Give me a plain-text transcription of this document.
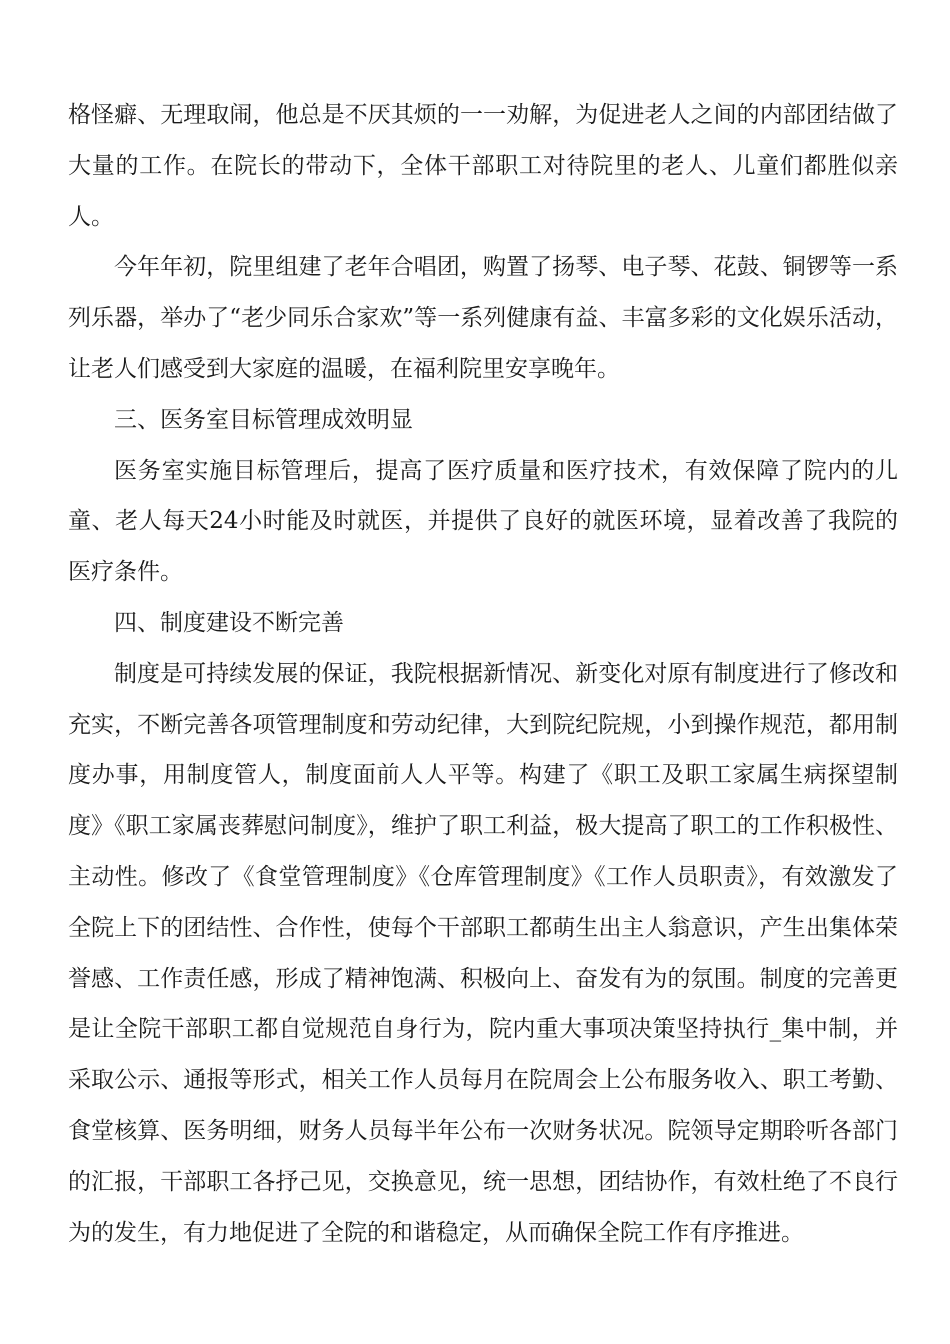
格怪癖、无理取闹，他总是不厌其烦的一一劝解，为促进老人之间的内部团结做了大量的工作。在院长的带动下，全体干部职工对待院里的老人、儿童们都胜似亲人。

今年年初，院里组建了老年合唱团，购置了扬琴、电子琴、花鼓、铜锣等一系列乐器，举办了“老少同乐合家欢”等一系列健康有益、丰富多彩的文化娱乐活动，让老人们感受到大家庭的温暖，在福利院里安享晚年。

三、医务室目标管理成效明显

医务室实施目标管理后，提高了医疗质量和医疗技术，有效保障了院内的儿童、老人每天24小时能及时就医，并提供了良好的就医环境，显着改善了我院的医疗条件。

四、制度建设不断完善

制度是可持续发展的保证，我院根据新情况、新变化对原有制度进行了修改和充实，不断完善各项管理制度和劳动纪律，大到院纪院规，小到操作规范，都用制度办事，用制度管人，制度面前人人平等。构建了《职工及职工家属生病探望制度》《职工家属丧葬慰问制度》，维护了职工利益，极大提高了职工的工作积极性、主动性。修改了《食堂管理制度》《仓库管理制度》《工作人员职责》，有效激发了全院上下的团结性、合作性，使每个干部职工都萌生出主人翁意识，产生出集体荣誉感、工作责任感，形成了精神饱满、积极向上、奋发有为的氛围。制度的完善更是让全院干部职工都自觉规范自身行为，院内重大事项决策坚持执行_集中制，并采取公示、通报等形式，相关工作人员每月在院周会上公布服务收入、职工考勤、食堂核算、医务明细，财务人员每半年公布一次财务状况。院领导定期聆听各部门的汇报，干部职工各抒己见，交换意见，统一思想，团结协作，有效杜绝了不良行为的发生，有力地促进了全院的和谐稳定，从而确保全院工作有序推进。
